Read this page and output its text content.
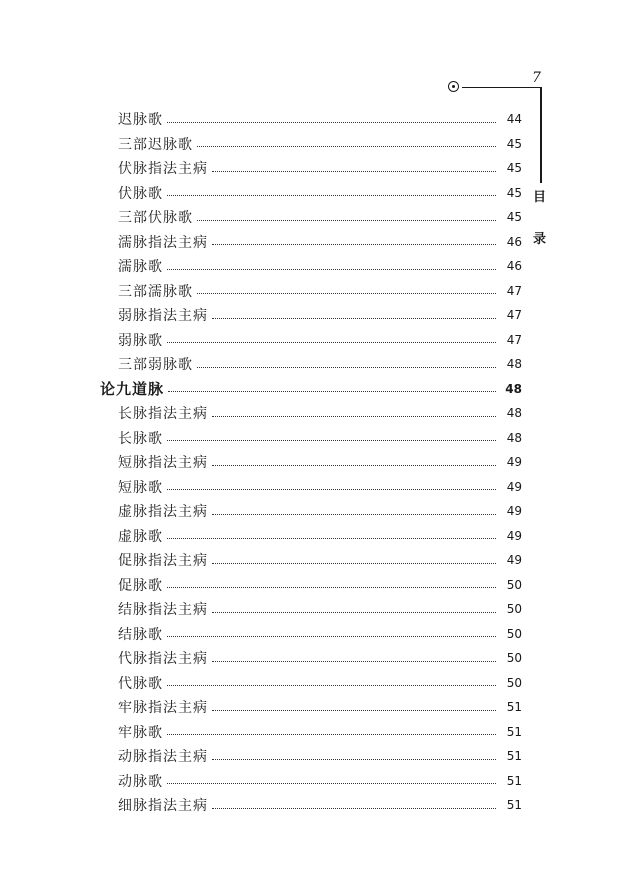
7
目
录
迟脉歌	44
三部迟脉歌	45
伏脉指法主病	45
伏脉歌	45
三部伏脉歌	45
濡脉指法主病	46
濡脉歌	46
三部濡脉歌	47
弱脉指法主病	47
弱脉歌	47
三部弱脉歌	48
论九道脉	48
长脉指法主病	48
长脉歌	48
短脉指法主病	49
短脉歌	49
虚脉指法主病	49
虚脉歌	49
促脉指法主病	49
促脉歌	50
结脉指法主病	50
结脉歌	50
代脉指法主病	50
代脉歌	50
牢脉指法主病	51
牢脉歌	51
动脉指法主病	51
动脉歌	51
细脉指法主病	51
